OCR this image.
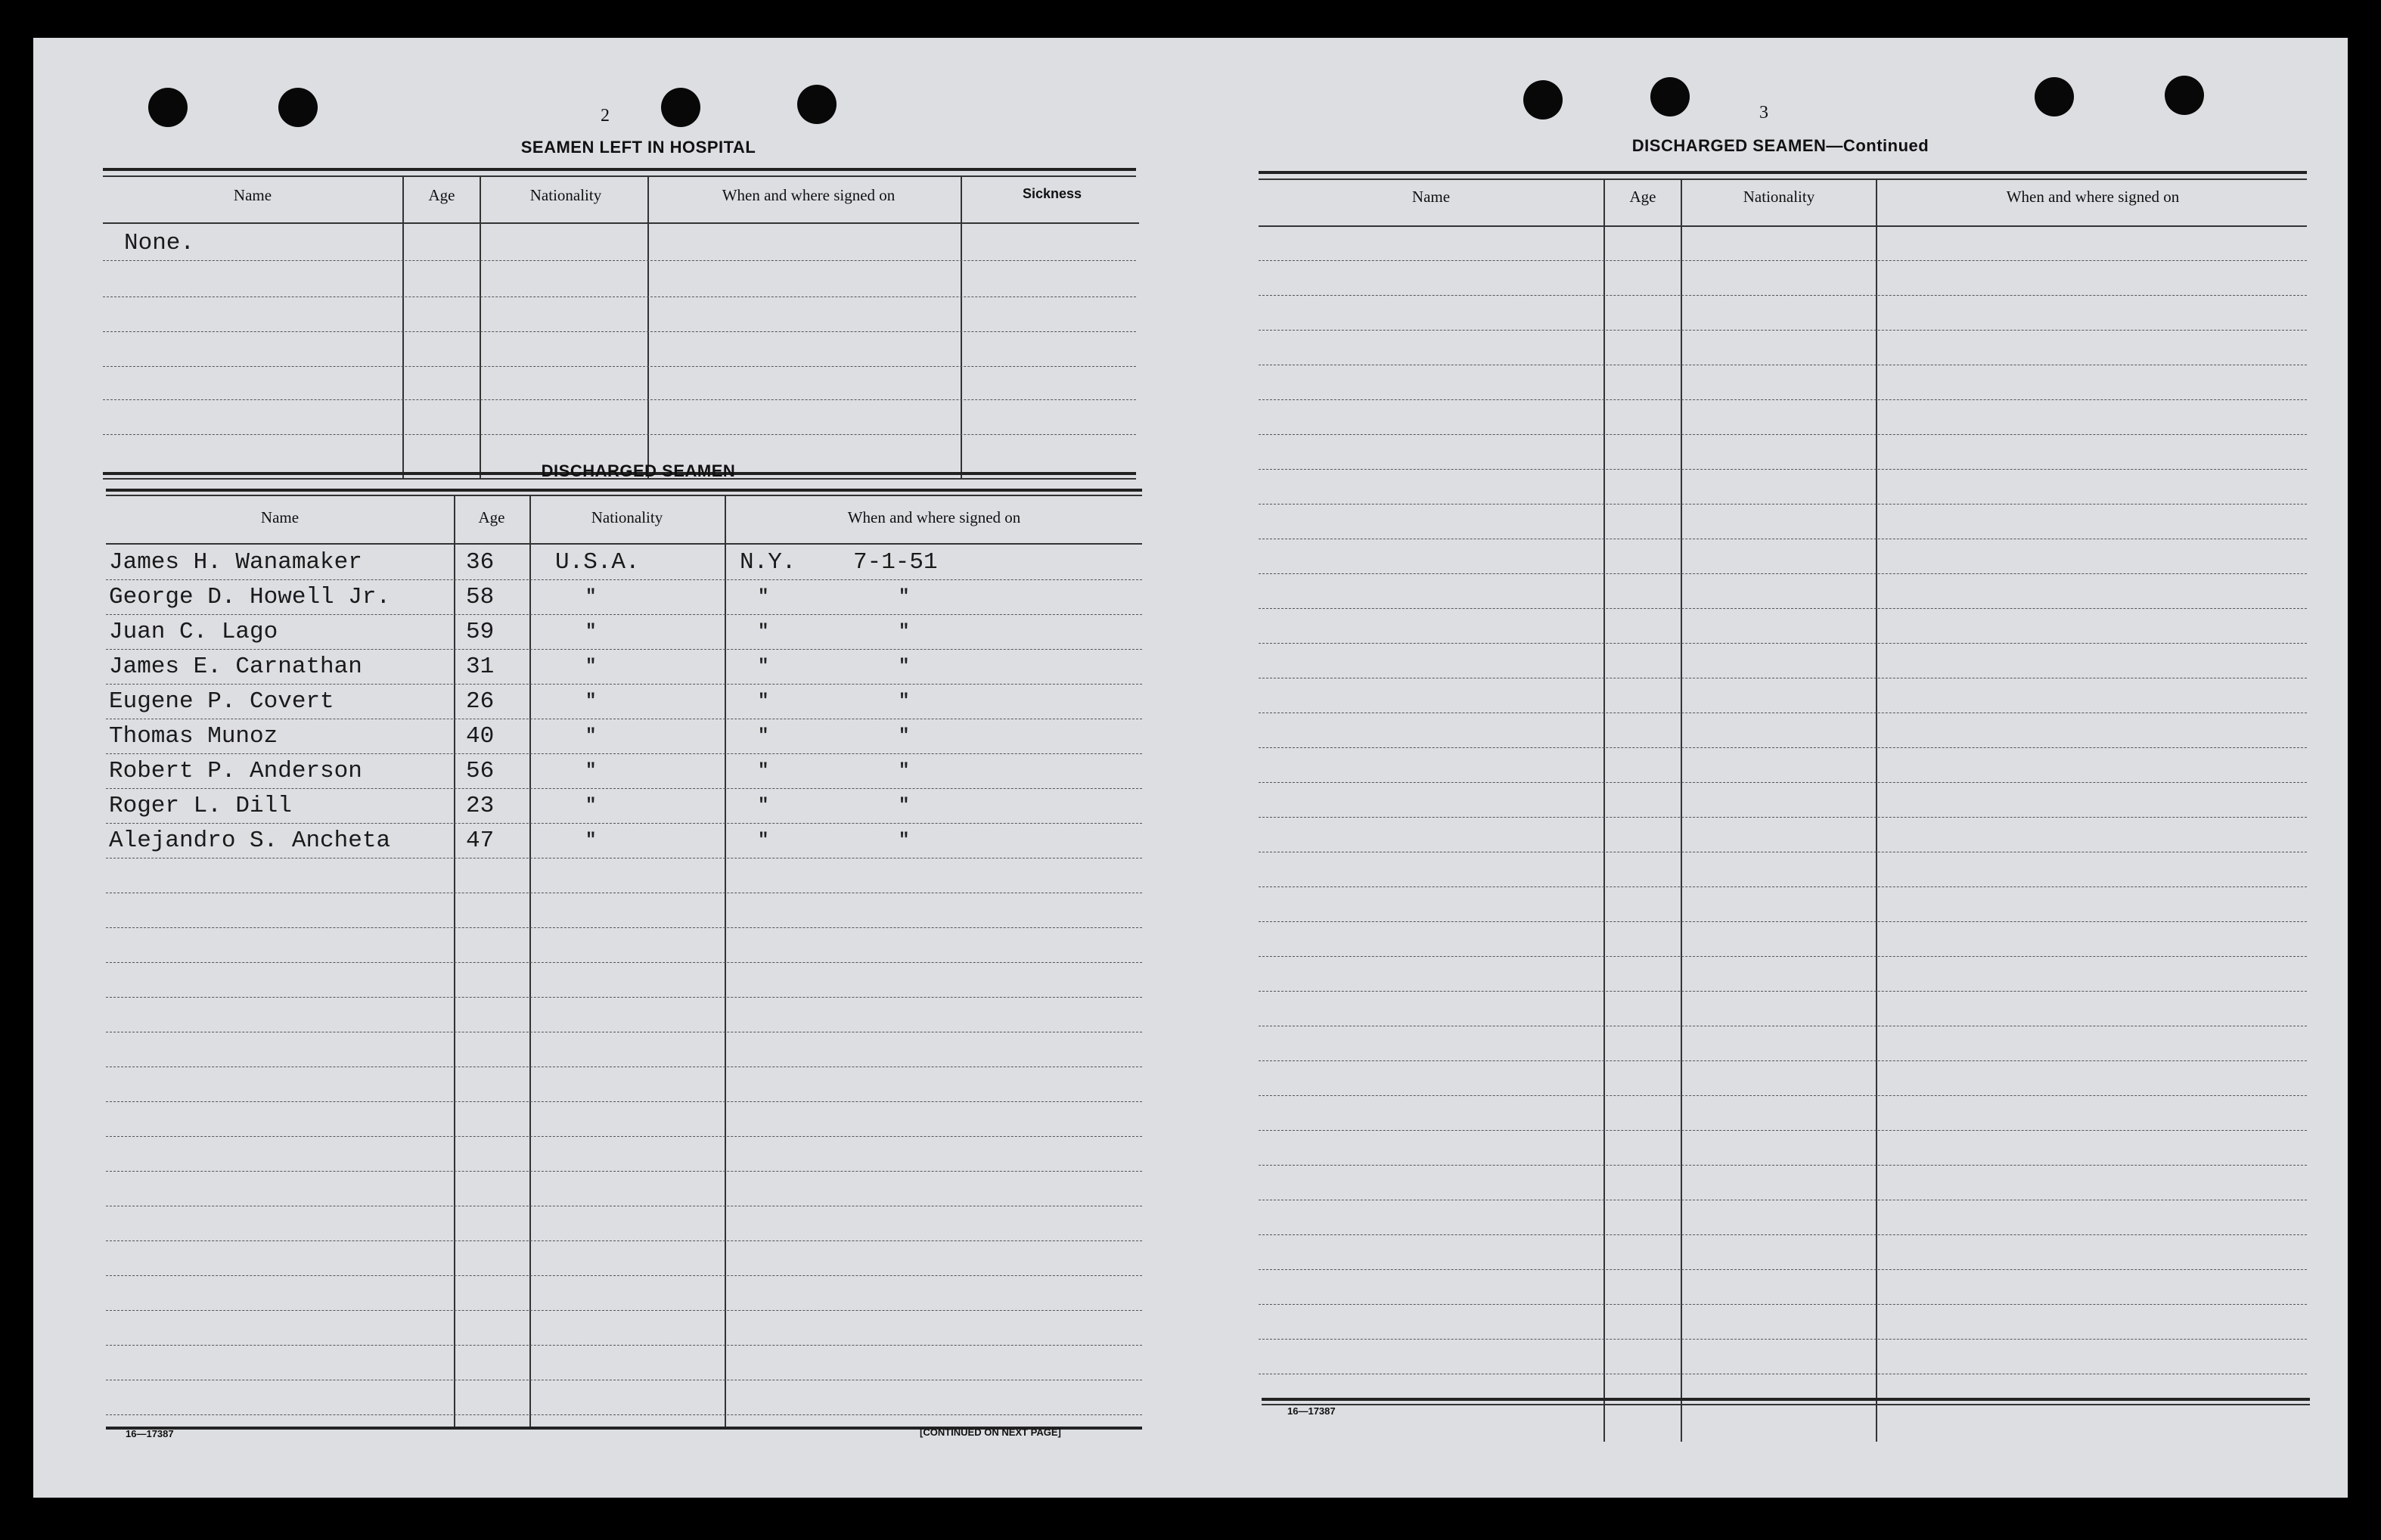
2
SEAMEN LEFT IN HOSPITAL
Name	Age	Nationality	When and where signed on	Sickness
None.
DISCHARGED SEAMEN
Name	Age	Nationality	When and where signed on
James H. Wanamaker	36	U.S.A.	N.Y. 7-1-51
George D. Howell Jr.	58	"	"	"
Juan C. Lago	59	"	"	"
James E. Carnathan	31	"	"	"
Eugene P. Covert	26	"	"	"
Thomas Munoz	40	"	"	"
Robert P. Anderson	56	"	"	"
Roger L. Dill	23	"	"	"
Alejandro S. Ancheta	47	"	"	"
16—17387	[CONTINUED ON NEXT PAGE]
3
DISCHARGED SEAMEN—Continued
Name	Age	Nationality	When and where signed on
16—17387
